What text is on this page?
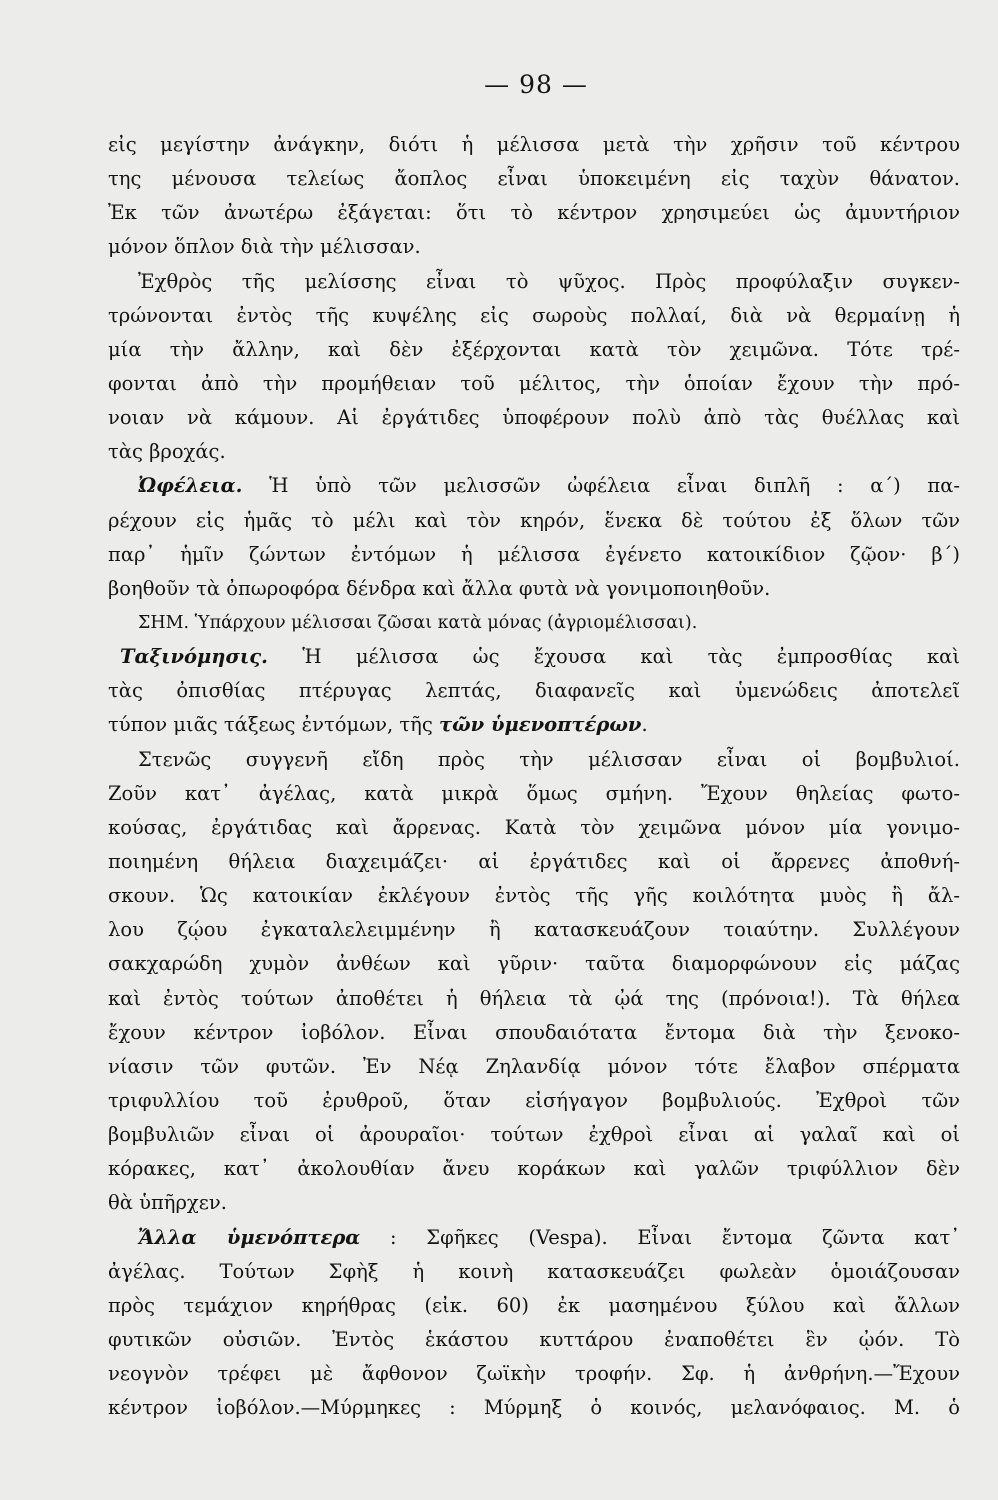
— 98 —
εἰς μεγίστην ἀνάγκην, διότι ἡ μέλισσα μετὰ τὴν χρῆσιν τοῦ κέντρου
της μένουσα τελείως ἄοπλος εἶναι ὑποκειμένη εἰς ταχὺν θάνατον.
Ἐκ τῶν ἀνωτέρω ἐξάγεται: ὅτι τὸ κέντρον χρησιμεύει ὡς ἀμυντήριον
μόνον ὅπλον διὰ τὴν μέλισσαν.
Ἐχθρὸς τῆς μελίσσης εἶναι τὸ ψῦχος. Πρὸς προφύλαξιν συγκεν-
τρώνονται ἐντὸς τῆς κυψέλης εἰς σωροὺς πολλαί, διὰ νὰ θερμαίνῃ ἡ
μία τὴν ἄλλην, καὶ δὲν ἐξέρχονται κατὰ τὸν χειμῶνα. Τότε τρέ-
φονται ἀπὸ τὴν προμήθειαν τοῦ μέλιτος, τὴν ὁποίαν ἔχουν τὴν πρό-
νοιαν νὰ κάμουν. Αἱ ἐργάτιδες ὑποφέρουν πολὺ ἀπὸ τὰς θυέλλας καὶ
τὰς βροχάς.
Ὠφέλεια. Ἡ ὑπὸ τῶν μελισσῶν ὠφέλεια εἶναι διπλῆ : α΄) πα-
ρέχουν εἰς ἡμᾶς τὸ μέλι καὶ τὸν κηρόν, ἕνεκα δὲ τούτου ἐξ ὅλων τῶν
παρ᾿ ἡμῖν ζώντων ἐντόμων ἡ μέλισσα ἐγένετο κατοικίδιον ζῷον· β΄)
βοηθοῦν τὰ ὀπωροφόρα δένδρα καὶ ἄλλα φυτὰ νὰ γονιμοποιηθοῦν.
ΣΗΜ. Ὑπάρχουν μέλισσαι ζῶσαι κατὰ μόνας (ἀγριομέλισσαι).
Ταξινόμησις. Ἡ μέλισσα ὡς ἔχουσα καὶ τὰς ἐμπροσθίας καὶ
τὰς ὀπισθίας πτέρυγας λεπτάς, διαφανεῖς καὶ ὑμενώδεις ἀποτελεῖ
τύπον μιᾶς τάξεως ἐντόμων, τῆς τῶν ὑμενοπτέρων.
Στενῶς συγγενῆ εἴδη πρὸς τὴν μέλισσαν εἶναι οἱ βομβυλιοί.
Ζοῦν κατ᾿ ἀγέλας, κατὰ μικρὰ ὅμως σμήνη. Ἔχουν θηλείας φωτο-
κούσας, ἐργάτιδας καὶ ἄρρενας. Κατὰ τὸν χειμῶνα μόνον μία γονιμο-
ποιημένη θήλεια διαχειμάζει· αἱ ἐργάτιδες καὶ οἱ ἄρρενες ἀποθνή-
σκουν. Ὡς κατοικίαν ἐκλέγουν ἐντὸς τῆς γῆς κοιλότητα μυὸς ἢ ἄλ-
λου ζῴου ἐγκαταλελειμμένην ἢ κατασκευάζουν τοιαύτην. Συλλέγουν
σακχαρώδη χυμὸν ἀνθέων καὶ γῦριν· ταῦτα διαμορφώνουν εἰς μάζας
καὶ ἐντὸς τούτων ἀποθέτει ἡ θήλεια τὰ ᾠά της (πρόνοια!). Τὰ θήλεα
ἔχουν κέντρον ἰοβόλον. Εἶναι σπουδαιότατα ἔντομα διὰ τὴν ξενοκο-
νίασιν τῶν φυτῶν. Ἐν Νέᾳ Ζηλανδίᾳ μόνον τότε ἔλαβον σπέρματα
τριφυλλίου τοῦ ἐρυθροῦ, ὅταν εἰσήγαγον βομβυλιούς. Ἐχθροὶ τῶν
βομβυλιῶν εἶναι οἱ ἀρουραῖοι· τούτων ἐχθροὶ εἶναι αἱ γαλαῖ καὶ οἱ
κόρακες, κατ᾿ ἀκολουθίαν ἄνευ κοράκων καὶ γαλῶν τριφύλλιον δὲν
θὰ ὑπῆρχεν.
Ἄλλα ὑμενόπτερα : Σφῆκες (Vespa). Εἶναι ἔντομα ζῶντα κατ᾿
ἀγέλας. Τούτων Σφὴξ ἡ κοινὴ κατασκευάζει φωλεὰν ὁμοιάζουσαν
πρὸς τεμάχιον κηρήθρας (εἰκ. 60) ἐκ μασημένου ξύλου καὶ ἄλλων
φυτικῶν οὐσιῶν. Ἐντὸς ἑκάστου κυττάρου ἐναποθέτει ἓν ᾠόν. Τὸ
νεογνὸν τρέφει μὲ ἄφθονον ζωϊκὴν τροφήν. Σφ. ἡ ἀνθρήνη.—Ἔχουν
κέντρον ἰοβόλον.—Μύρμηκες : Μύρμηξ ὁ κοινός, μελανόφαιος. Μ. ὁ
